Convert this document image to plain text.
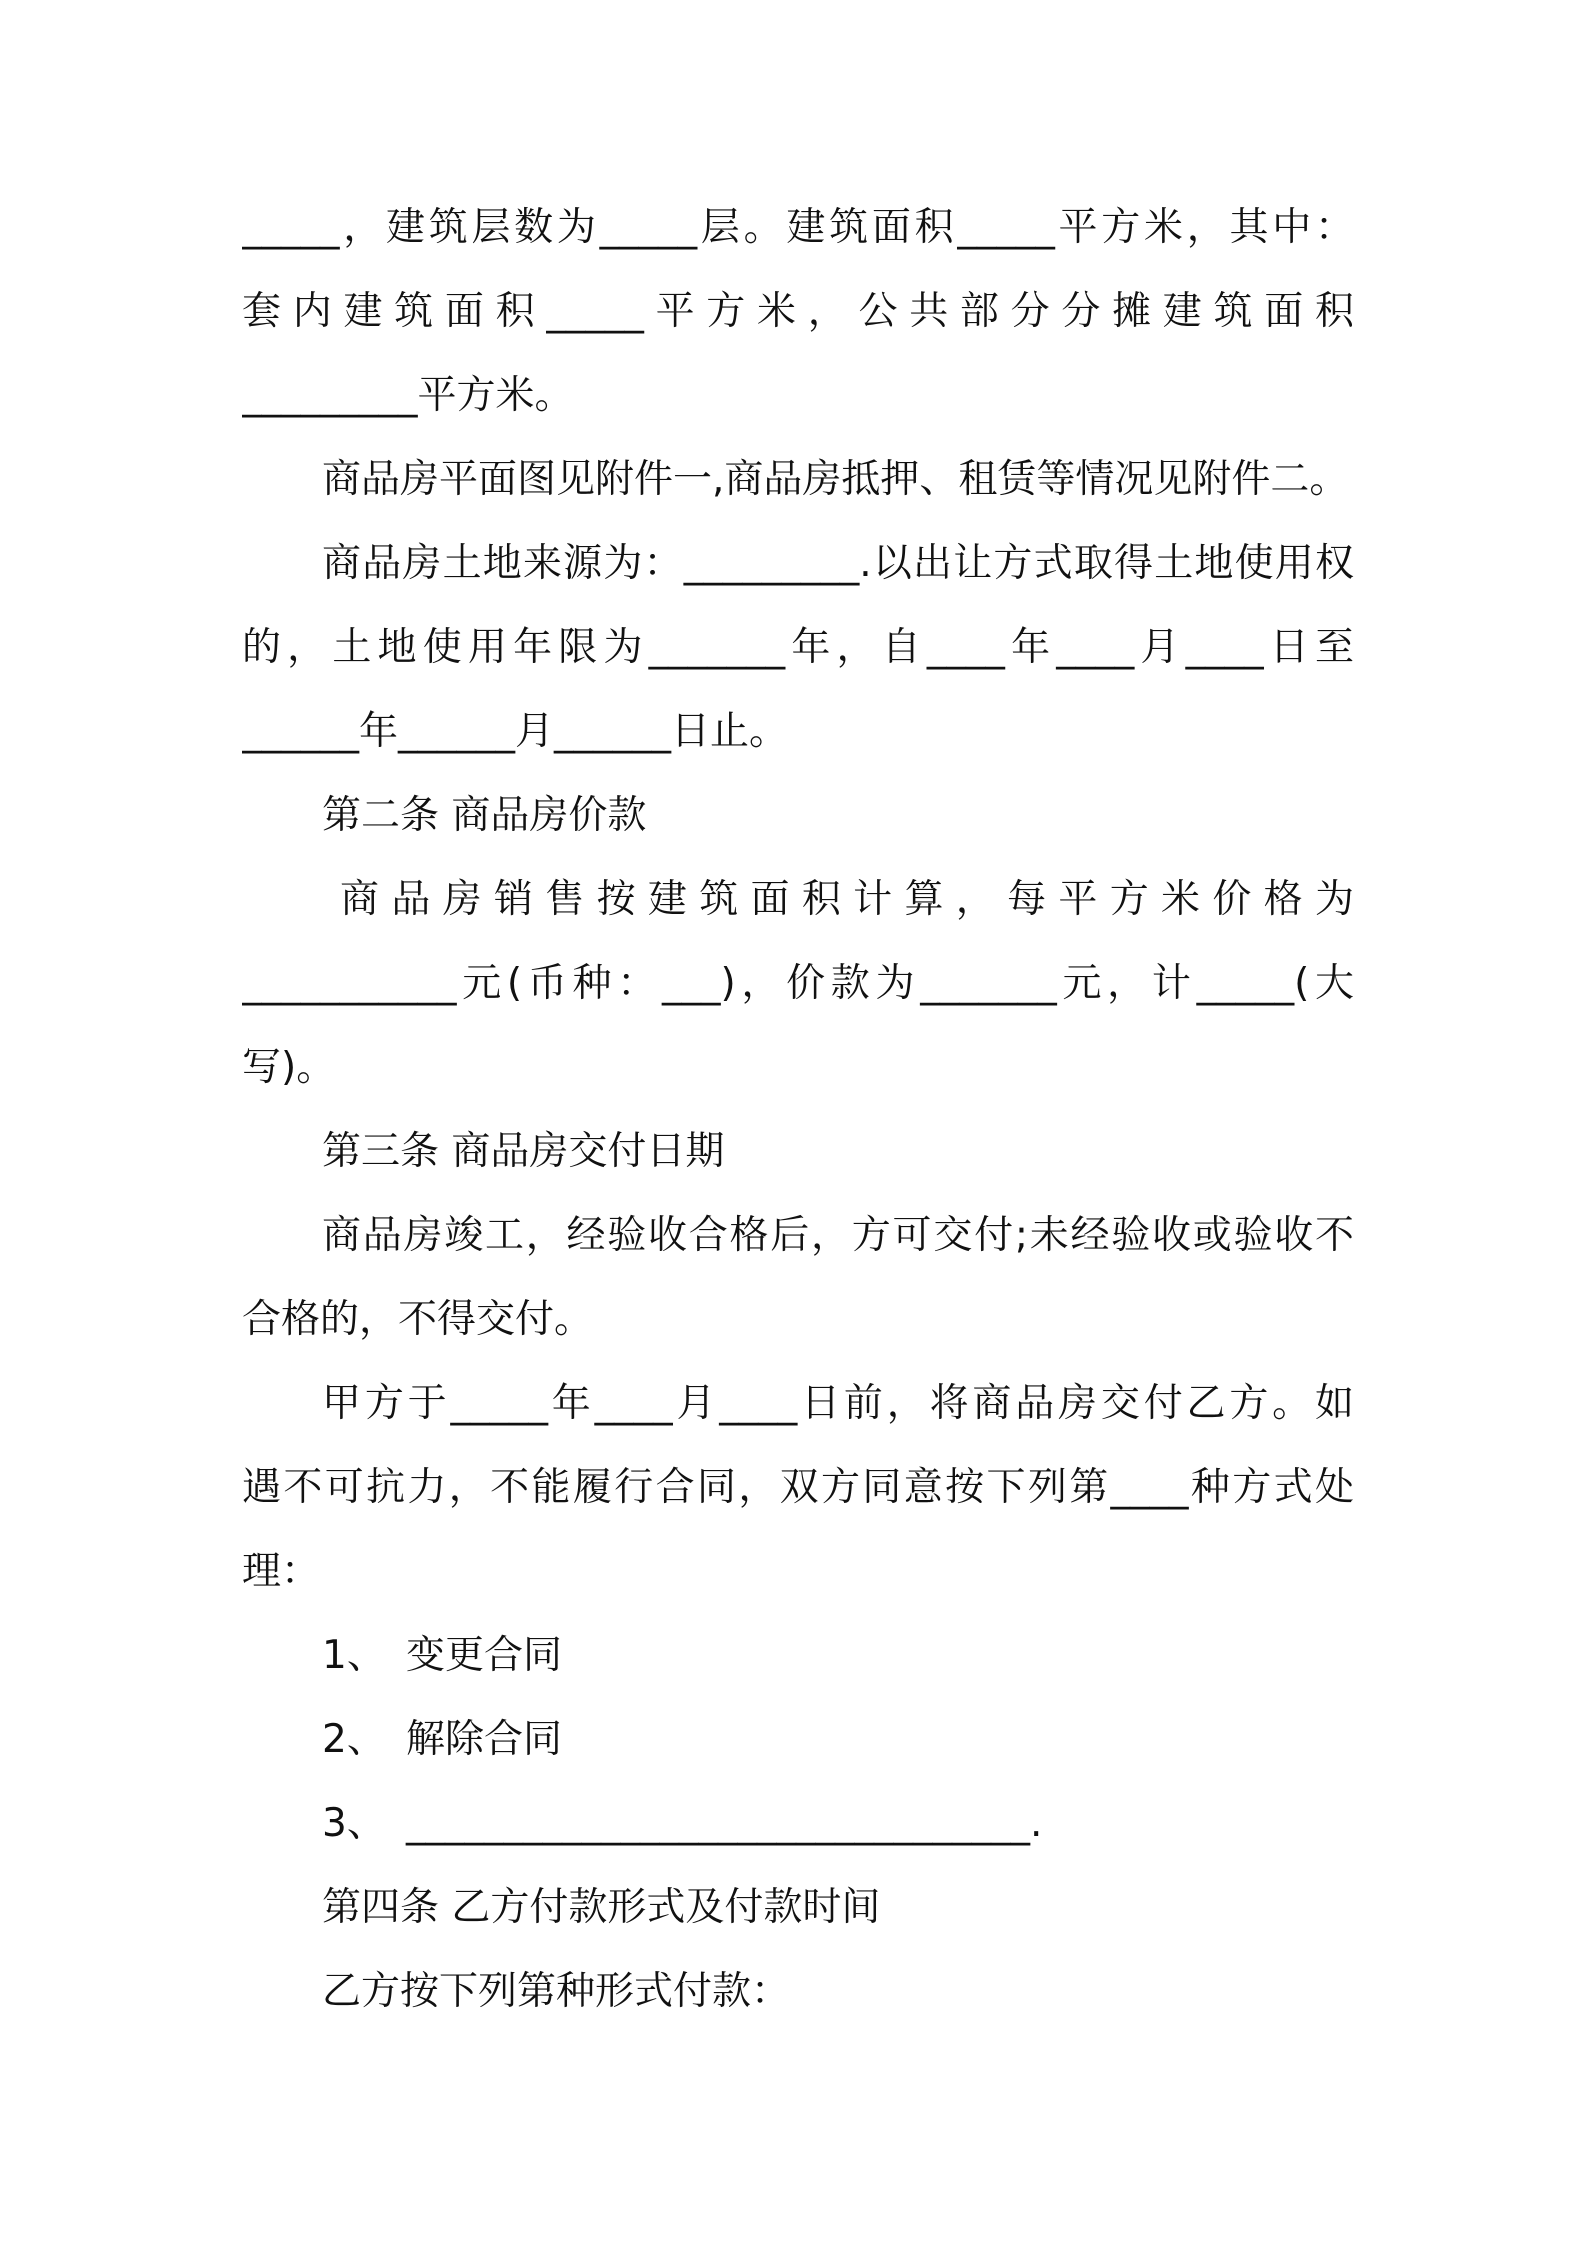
_____，建筑层数为_____层。建筑面积_____平方米，其中：
套内建筑面积_____平方米，公共部分分摊建筑面积
_________平方米。
商品房平面图见附件一,商品房抵押、租赁等情况见附件二。
商品房土地来源为：_________.以出让方式取得土地使用权
的，土地使用年限为_______年，自____年____月____日至
______年______月______日止。
第二条 商品房价款
商品房销售按建筑面积计算，每平方米价格为
___________元(币种：___)，价款为_______元，计_____(大
写)。
第三条 商品房交付日期
商品房竣工，经验收合格后，方可交付;未经验收或验收不
合格的，不得交付。
甲方于_____年____月____日前，将商品房交付乙方。如
遇不可抗力，不能履行合同，双方同意按下列第____种方式处
理：
1、 变更合同
2、 解除合同
3、 ________________________________.
第四条 乙方付款形式及付款时间
乙方按下列第种形式付款：
